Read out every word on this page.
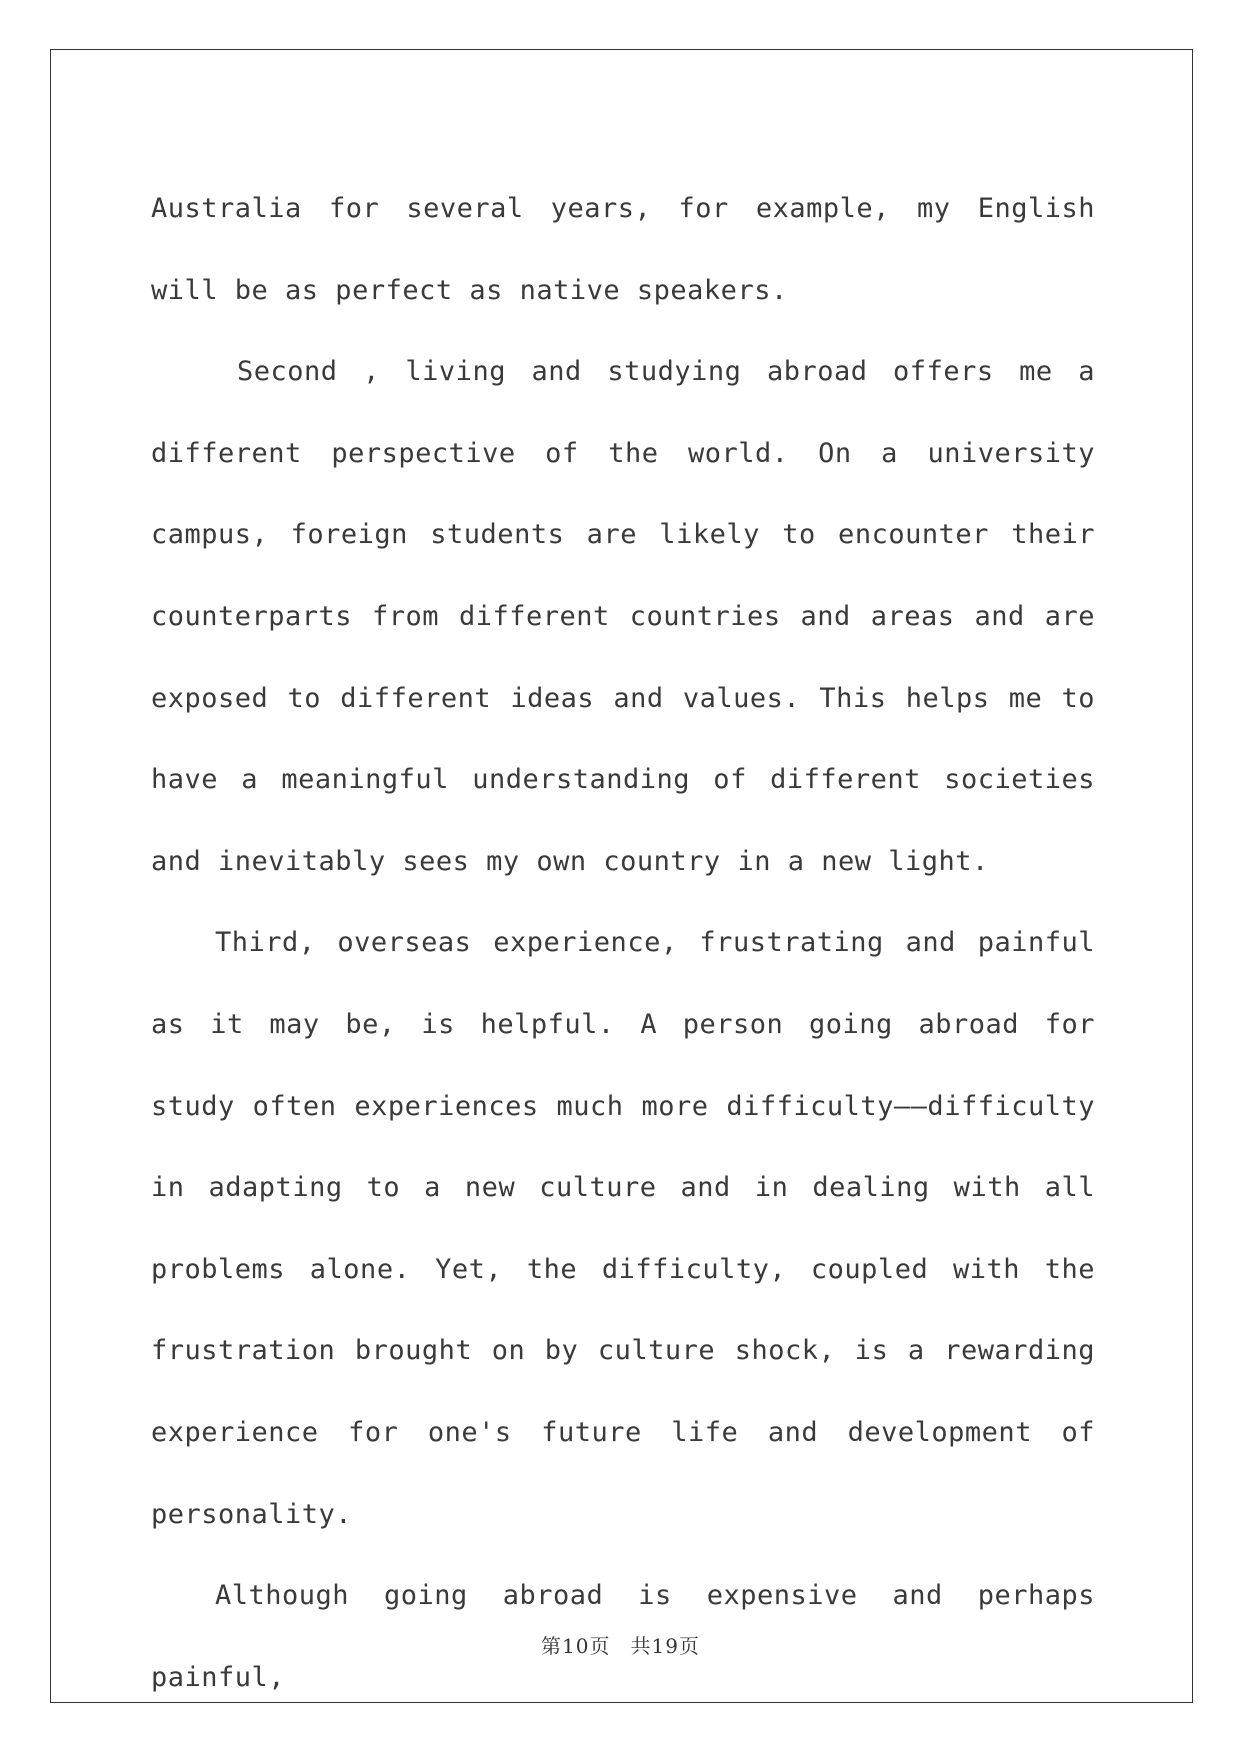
Australia for several years, for example, my English will be as perfect as native speakers.

Second , living and studying abroad offers me a different perspective of the world. On a university campus, foreign students are likely to encounter their counterparts from different countries and areas and are exposed to different ideas and values. This helps me to have a meaningful understanding of different societies and inevitably sees my own country in a new light.

Third, overseas experience, frustrating and painful as it may be, is helpful. A person going abroad for study often experiences much more difficulty——difficulty in adapting to a new culture and in dealing with all problems alone. Yet, the difficulty, coupled with the frustration brought on by culture shock, is a rewarding experience for one's future life and development of personality.

Although going abroad is expensive and perhaps painful,

第10页 共19页
